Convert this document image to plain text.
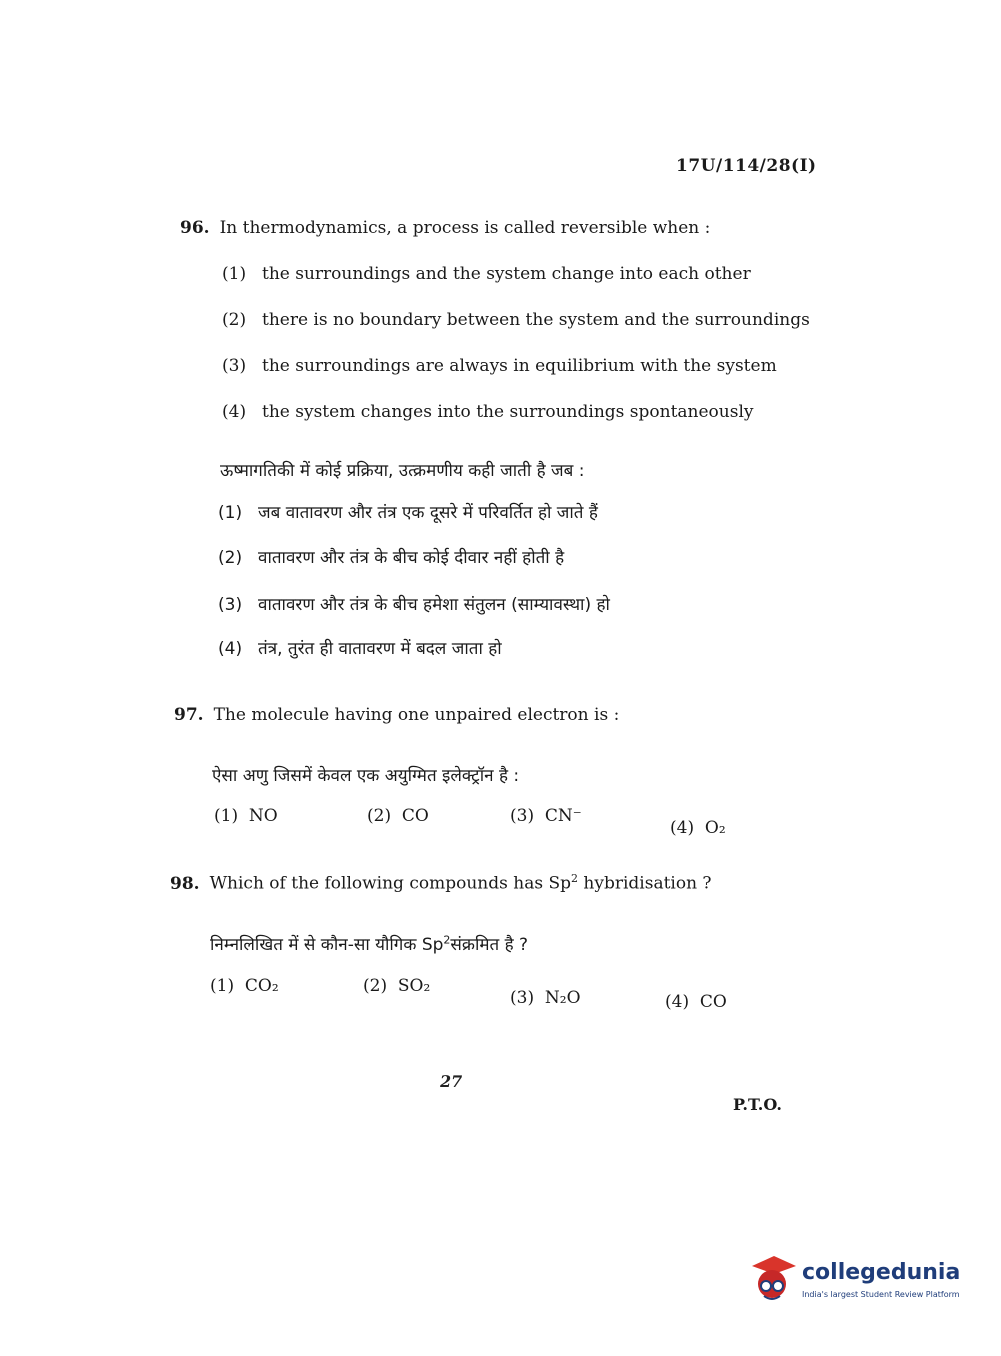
17U/114/28(I)
96. In thermodynamics, a process is called reversible when :
(1) the surroundings and the system change into each other
(2) there is no boundary between the system and the surroundings
(3) the surroundings are always in equilibrium with the system
(4) the system changes into the surroundings spontaneously
ऊष्मागतिकी में कोई प्रक्रिया, उत्क्रमणीय कही जाती है जब :
(1) जब वातावरण और तंत्र एक दूसरे में परिवर्तित हो जाते हैं
(2) वातावरण और तंत्र के बीच कोई दीवार नहीं होती है
(3) वातावरण और तंत्र के बीच हमेशा संतुलन (साम्यावस्था) हो
(4) तंत्र, तुरंत ही वातावरण में बदल जाता हो
97. The molecule having one unpaired electron is :
ऐसा अणु जिसमें केवल एक अयुग्मित इलेक्ट्रॉन है :
(1) NO	(2) CO	(3) CN⁻
(4) O₂
98. Which of the following compounds has Sp$^2$ hybridisation ?
निम्नलिखित में से कौन-सा यौगिक Sp$^2$संक्रमित है ?
(1) CO₂	(2) SO₂
(3) N₂O	(4) CO
27
P.T.O.
collegedunia
India's largest Student Review Platform
